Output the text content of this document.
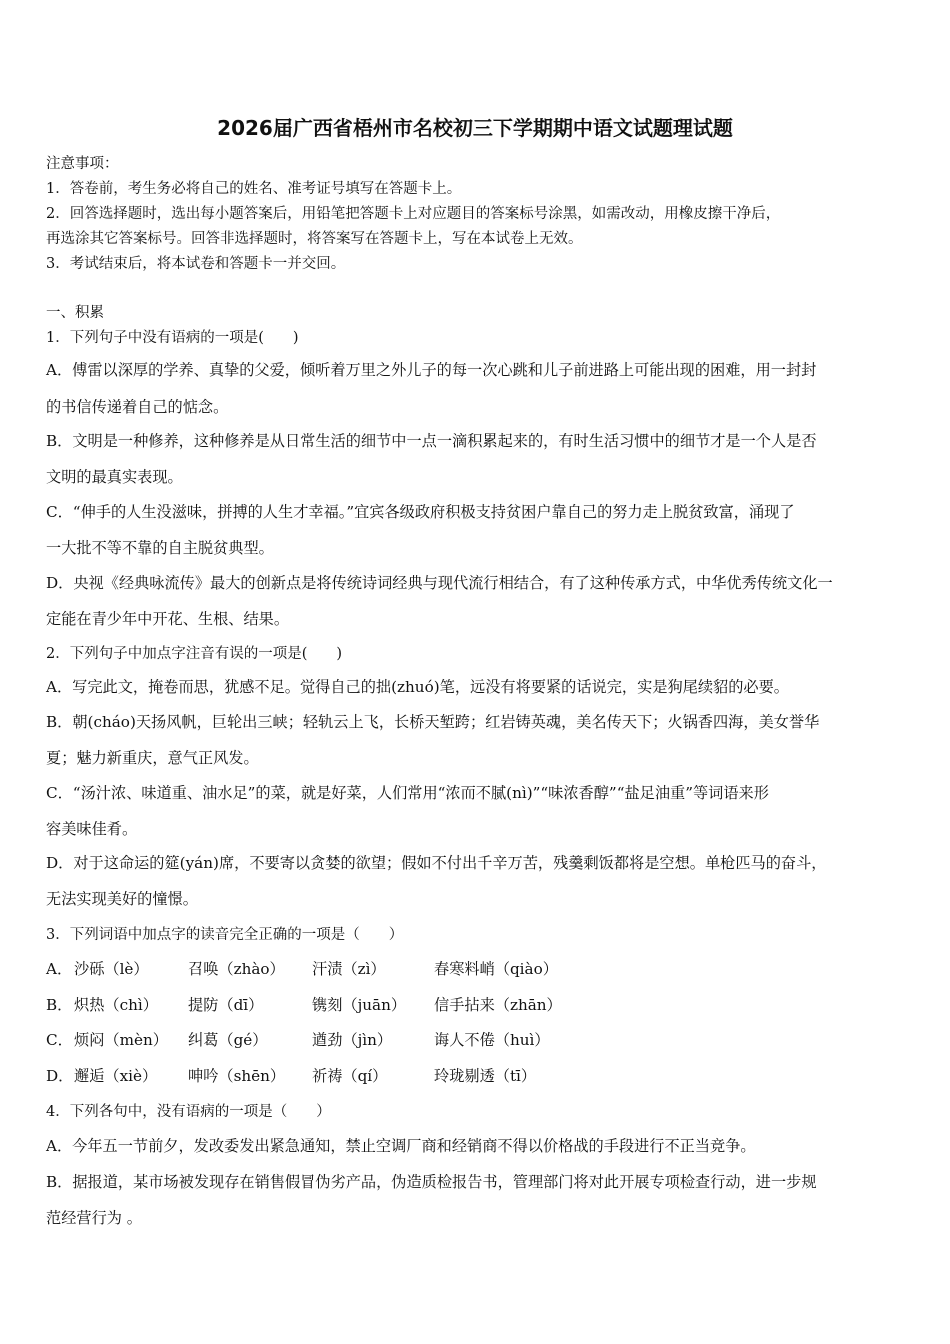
2026届广西省梧州市名校初三下学期期中语文试题理试题
注意事项：
1．答卷前，考生务必将自己的姓名、准考证号填写在答题卡上。
2．回答选择题时，选出每小题答案后，用铅笔把答题卡上对应题目的答案标号涂黑，如需改动，用橡皮擦干净后，
再选涂其它答案标号。回答非选择题时，将答案写在答题卡上，写在本试卷上无效。
3．考试结束后，将本试卷和答题卡一并交回。
一、积累
1．下列句子中没有语病的一项是(　　)
A．傅雷以深厚的学养、真挚的父爱，倾听着万里之外儿子的每一次心跳和儿子前进路上可能出现的困难，用一封封
的书信传递着自己的惦念。
B．文明是一种修养，这种修养是从日常生活的细节中一点一滴积累起来的，有时生活习惯中的细节才是一个人是否
文明的最真实表现。
C．“伸手的人生没滋味，拼搏的人生才幸福。”宜宾各级政府积极支持贫困户靠自己的努力走上脱贫致富，涌现了
一大批不等不靠的自主脱贫典型。
D．央视《经典咏流传》最大的创新点是将传统诗词经典与现代流行相结合，有了这种传承方式，中华优秀传统文化一
定能在青少年中开花、生根、结果。
2．下列句子中加点字注音有误的一项是(　　)
A．写完此文，掩卷而思，犹感不足。觉得自己的拙(zhuó)笔，远没有将要紧的话说完，实是狗尾续貂的必要。
B．朝(cháo)天扬风帆，巨轮出三峡；轻轨云上飞，长桥天堑跨；红岩铸英魂，美名传天下；火锅香四海，美女誉华
夏；魅力新重庆，意气正风发。
C．“汤汁浓、味道重、油水足”的菜，就是好菜，人们常用“浓而不腻(nì)”“味浓香醇”“盐足油重”等词语来形
容美味佳肴。
D．对于这命运的筵(yán)席，不要寄以贪婪的欲望；假如不付出千辛万苦，残羹剩饭都将是空想。单枪匹马的奋斗，
无法实现美好的憧憬。
3．下列词语中加点字的读音完全正确的一项是（　　）
A． 沙砾（lè）	召唤（zhào） 汗渍（zì）	春寒料峭（qiào）
B． 炽热（chì） 提防（dī）	镌刻（juān） 信手拈来（zhān）
C． 烦闷（mèn） 纠葛（gé）	遒劲（jìn）	诲人不倦（huì）
D． 邂逅（xiè） 呻吟（shēn） 祈祷（qí）	玲珑剔透（tī）
4．下列各句中，没有语病的一项是（　　）
A．今年五一节前夕，发改委发出紧急通知，禁止空调厂商和经销商不得以价格战的手段进行不正当竞争。
B．据报道，某市场被发现存在销售假冒伪劣产品，伪造质检报告书，管理部门将对此开展专项检查行动，进一步规
范经营行为 。
